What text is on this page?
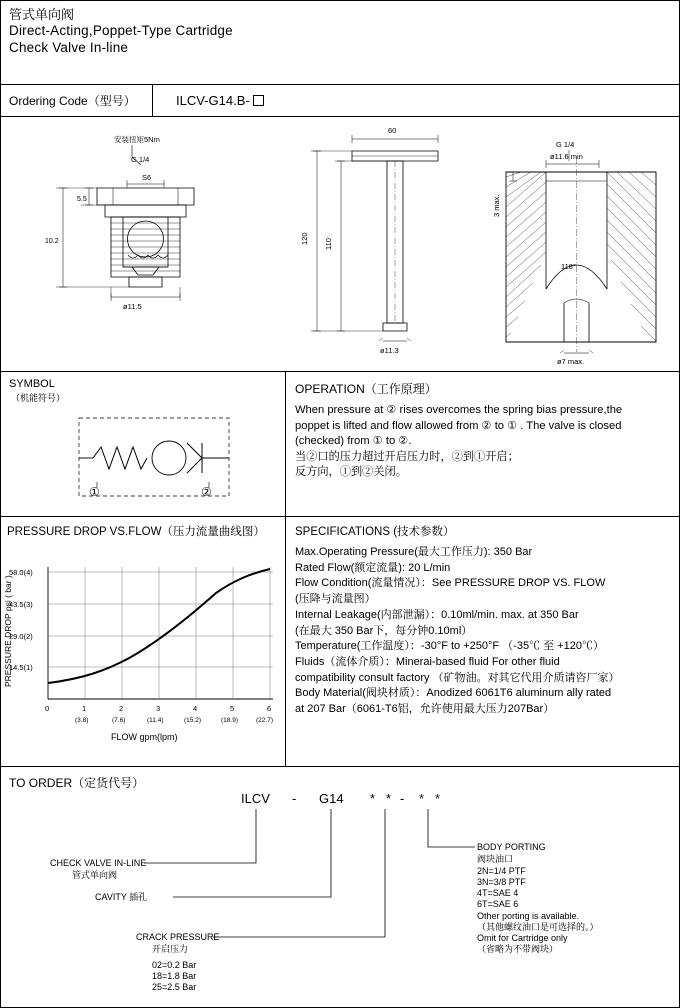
管式单向阀
Direct-Acting,Poppet-Type Cartridge
Check Valve In-line
Ordering Code（型号）	ILCV-G14.B-
安装扭矩5Nm
G 1/4
S6
5.5
10.2
ø11.5
60
120 110
ø11.3
G 1/4
ø11.6 min
3 max.
118°
ø7 max.
SYMBOL
（机能符号）
①	②
OPERATION（工作原理）
When pressure at ② rises overcomes the spring bias pressure,the
poppet is lifted and flow allowed from ② to ① . The valve is closed
(checked) from ① to ②.
当②口的压力超过开启压力时，②到①开启；
反方向，①到②关闭。
PRESSURE DROP VS.FLOW（压力流量曲线图）
58.0(4)
43.5(3)
29.0(2)
14.5(1)
0	1	2	3	4	5	6
(3.8)	(7.6)	(11.4)	(15.2)	(18.9)	(22.7)
FLOW gpm(lpm)
PRESSURE DROP psi ( bar )
SPECIFICATIONS (技术参数）
Max.Operating Pressure(最大工作压力): 350 Bar
Rated Flow(额定流量): 20 L/min
Flow Condition(流量情况）：See PRESSURE DROP VS. FLOW
(压降与流量图）
Internal Leakage(内部泄漏）：0.10ml/min. max. at 350 Bar
(在最大 350 Bar下，每分钟0.10ml）
Temperature(工作温度）：-30°F to +250°F （-35℃ 至 +120℃）
Fluids（流体介质）：Minerai-based fluid For other fluid
compatibility consult factory （矿物油。对其它代用介质请咨厂家）
Body Material(阀块材质）：Anodized 6061T6 aluminum ally rated
at 207 Bar（6061-T6铝，允许使用最大压力207Bar）
TO ORDER（定货代号）
ILCV - G14 * * - * *
CHECK VALVE IN-LINE
管式单向阀
CAVITY 插孔
CRACK PRESSURE
开启压力
02=0.2 Bar
18=1.8 Bar
25=2.5 Bar
BODY PORTING
阀块油口
2N=1/4 PTF
3N=3/8 PTF
4T=SAE 4
6T=SAE 6
Other porting is available.
（其他螺纹油口是可选择的。）
Omit for Cartridge only
（省略为不带阀块）
